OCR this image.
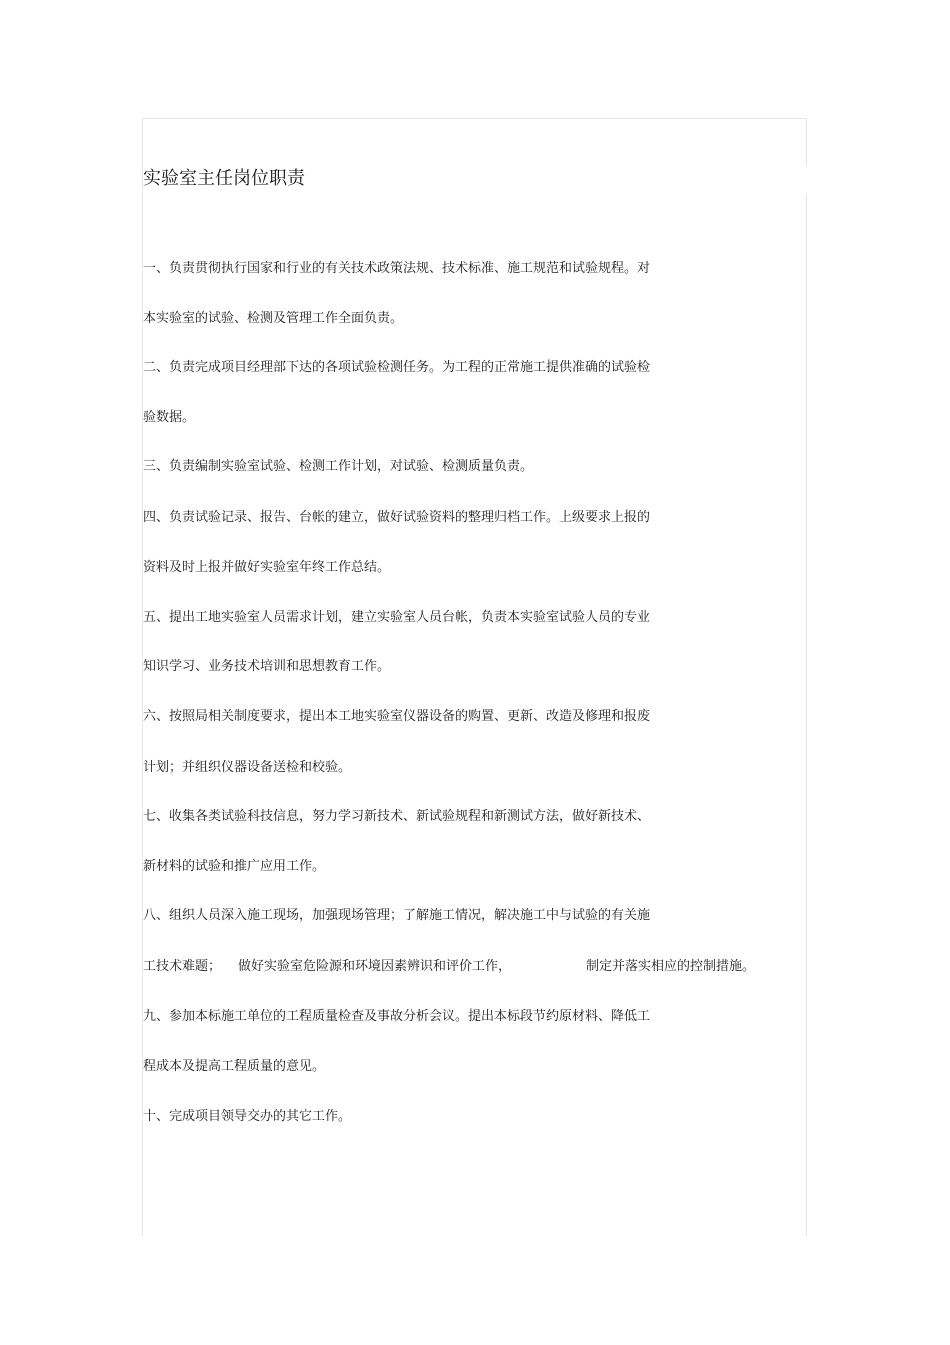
实验室主任岗位职责
一、负责贯彻执行国家和行业的有关技术政策法规、技术标准、施工规范和试验规程。对
本实验室的试验、检测及管理工作全面负责。
二、负责完成项目经理部下达的各项试验检测任务。为工程的正常施工提供准确的试验检
验数据。
三、负责编制实验室试验、检测工作计划，对试验、检测质量负责。
四、负责试验记录、报告、台帐的建立，做好试验资料的整理归档工作。上级要求上报的
资料及时上报并做好实验室年终工作总结。
五、提出工地实验室人员需求计划，建立实验室人员台帐，负责本实验室试验人员的专业
知识学习、业务技术培训和思想教育工作。
六、按照局相关制度要求，提出本工地实验室仪器设备的购置、更新、改造及修理和报废
计划；并组织仪器设备送检和校验。
七、收集各类试验科技信息，努力学习新技术、新试验规程和新测试方法，做好新技术、
新材料的试验和推广应用工作。
八、组织人员深入施工现场，加强现场管理；了解施工情况，解决施工中与试验的有关施
工技术难题； 做好实验室危险源和环境因素辨识和评价工作，	制定并落实相应的控制措施。
九、参加本标施工单位的工程质量检查及事故分析会议。提出本标段节约原材料、降低工
程成本及提高工程质量的意见。
十、完成项目领导交办的其它工作。
